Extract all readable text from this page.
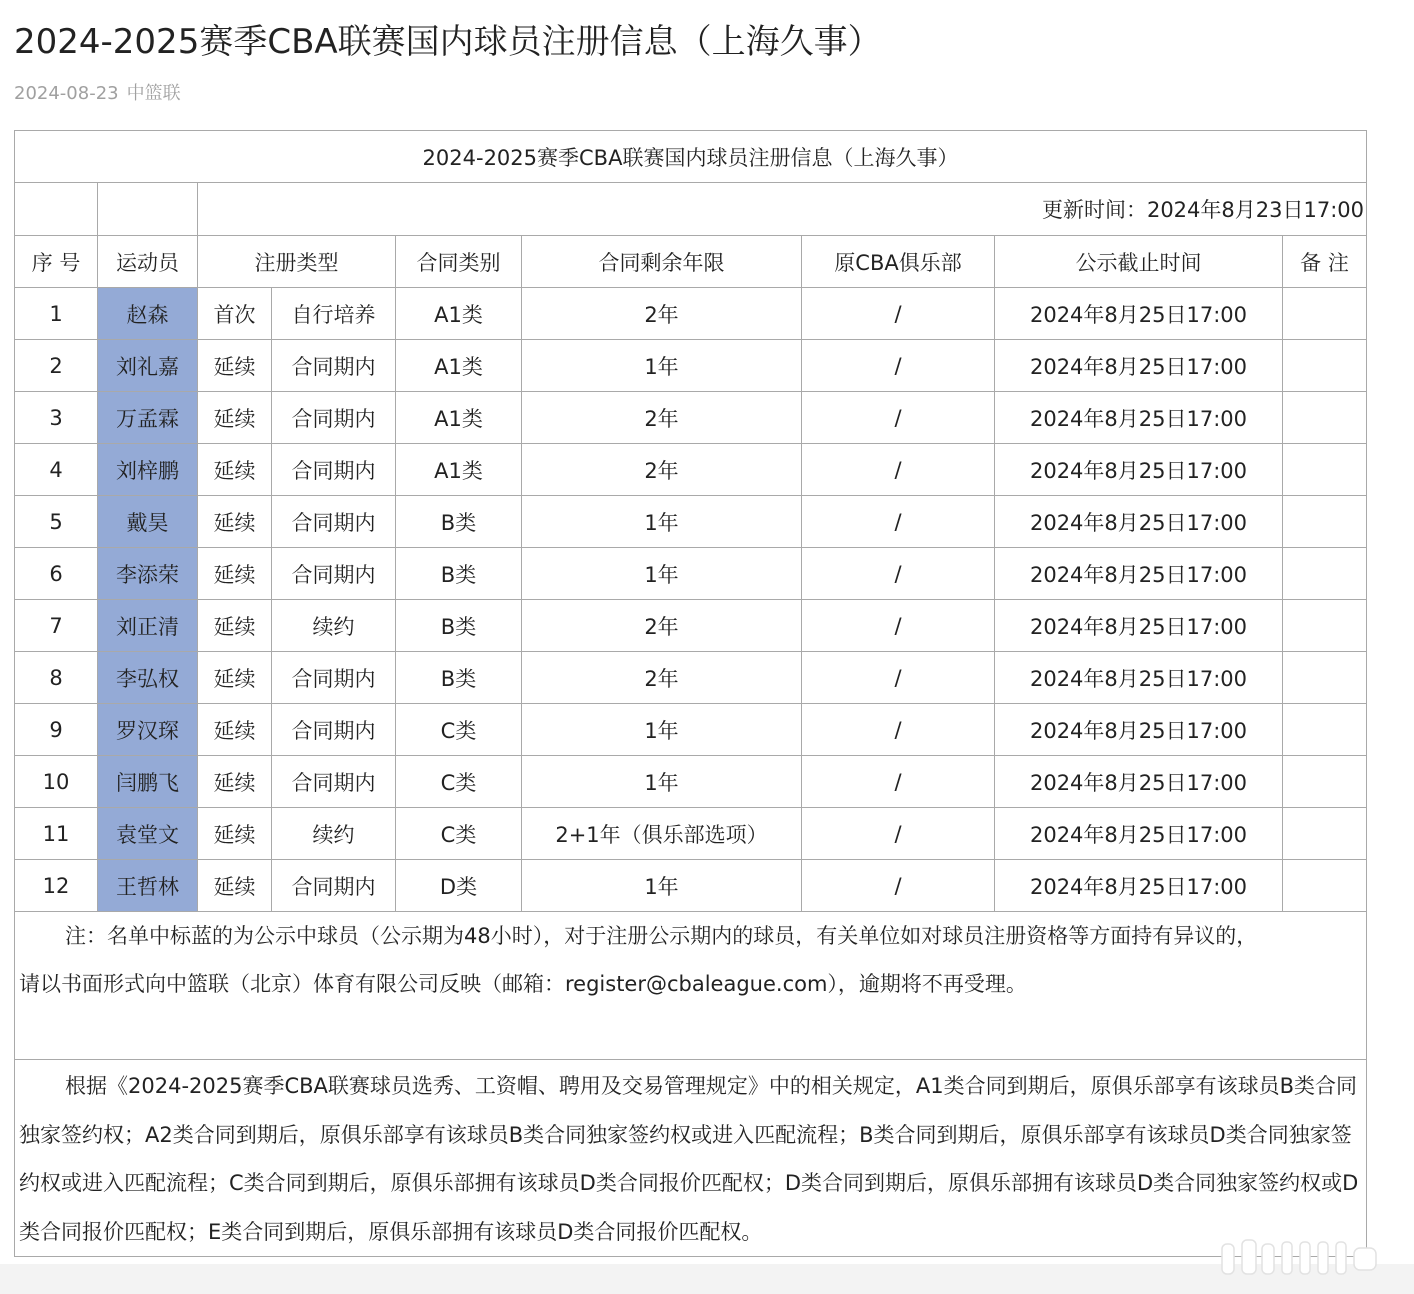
2024-2025赛季CBA联赛国内球员注册信息（上海久事）
2024-08-23 中篮联
2024-2025赛季CBA联赛国内球员注册信息（上海久事）								
		更新时间：2024年8月23日17:00						
序 号	运动员	注册类型		合同类别	合同剩余年限	原CBA俱乐部	公示截止时间	备 注
1	赵森	首次	自行培养	A1类	2年	/	2024年8月25日17:00	
2	刘礼嘉	延续	合同期内	A1类	1年	/	2024年8月25日17:00	
3	万孟霖	延续	合同期内	A1类	2年	/	2024年8月25日17:00	
4	刘梓鹏	延续	合同期内	A1类	2年	/	2024年8月25日17:00	
5	戴昊	延续	合同期内	B类	1年	/	2024年8月25日17:00	
6	李添荣	延续	合同期内	B类	1年	/	2024年8月25日17:00	
7	刘正清	延续	续约	B类	2年	/	2024年8月25日17:00	
8	李弘权	延续	合同期内	B类	2年	/	2024年8月25日17:00	
9	罗汉琛	延续	合同期内	C类	1年	/	2024年8月25日17:00	
10	闫鹏飞	延续	合同期内	C类	1年	/	2024年8月25日17:00	
11	袁堂文	延续	续约	C类	2+1年（俱乐部选项）	/	2024年8月25日17:00	
12	王哲林	延续	合同期内	D类	1年	/	2024年8月25日17:00	

注：名单中标蓝的为公示中球员（公示期为48小时），对于注册公示期内的球员，有关单位如对球员注册资格等方面持有异议的，
请以书面形式向中篮联（北京）体育有限公司反映（邮箱：register@cbaleague.com），逾期将不再受理。								

根据《2024-2025赛季CBA联赛球员选秀、工资帽、聘用及交易管理规定》中的相关规定，A1类合同到期后，原俱乐部享有该球员B类合同独家签约权；A2类合同到期后，原俱乐部享有该球员B类合同独家签约权或进入匹配流程；B类合同到期后，原俱乐部享有该球员D类合同独家签约权或进入匹配流程；C类合同到期后，原俱乐部拥有该球员D类合同报价匹配权；D类合同到期后，原俱乐部拥有该球员D类合同独家签约权或D类合同报价匹配权；E类合同到期后，原俱乐部拥有该球员D类合同报价匹配权。								
